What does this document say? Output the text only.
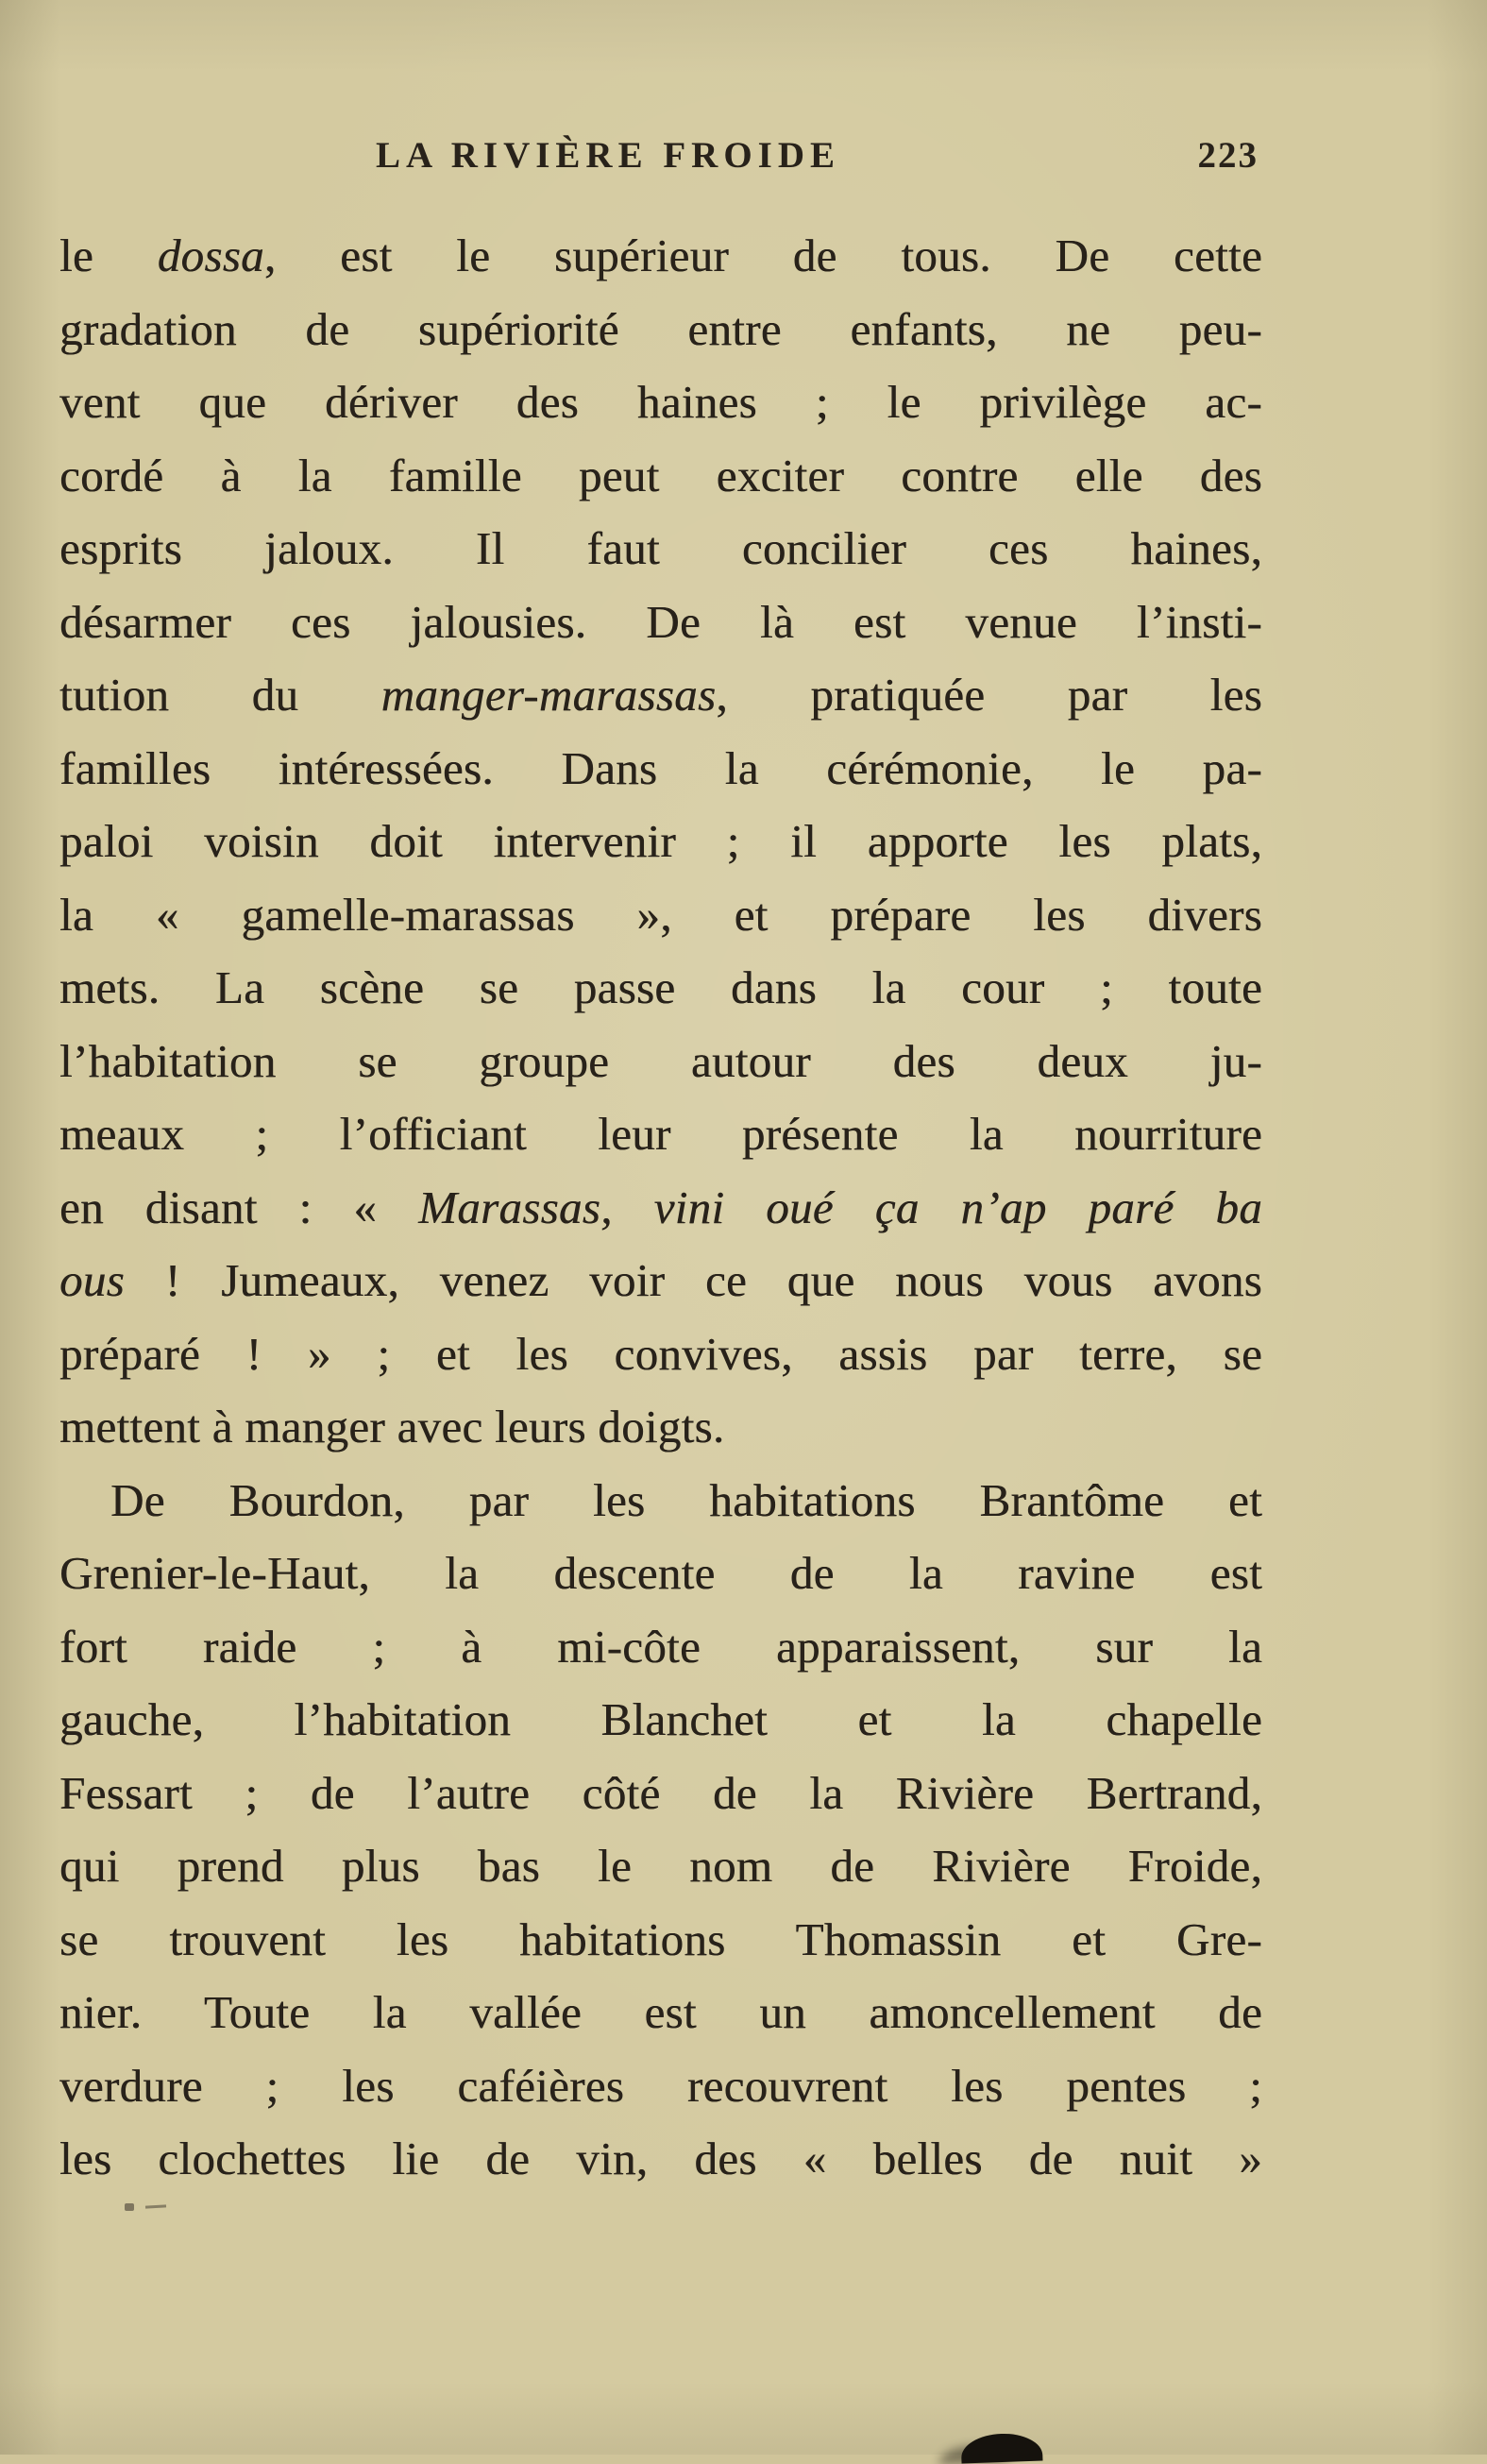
LA RIVIÈRE FROIDE	223
le dossa, est le supérieur de tous. De cette
gradation de supériorité entre enfants, ne peu-
vent que dériver des haines ; le privilège ac-
cordé à la famille peut exciter contre elle des
esprits jaloux. Il faut concilier ces haines,
désarmer ces jalousies. De là est venue l’insti-
tution du manger-marassas, pratiquée par les
familles intéressées. Dans la cérémonie, le pa-
paloi voisin doit intervenir ; il apporte les plats,
la « gamelle-marassas », et prépare les divers
mets. La scène se passe dans la cour ; toute
l’habitation se groupe autour des deux ju-
meaux ; l’officiant leur présente la nourriture
en disant : « Marassas, vini oué ça n’ap paré ba
ous ! Jumeaux, venez voir ce que nous vous avons
préparé ! » ; et les convives, assis par terre, se
mettent à manger avec leurs doigts.
De Bourdon, par les habitations Brantôme et
Grenier-le-Haut, la descente de la ravine est
fort raide ; à mi-côte apparaissent, sur la
gauche, l’habitation Blanchet et la chapelle
Fessart ; de l’autre côté de la Rivière Bertrand,
qui prend plus bas le nom de Rivière Froide,
se trouvent les habitations Thomassin et Gre-
nier. Toute la vallée est un amoncellement de
verdure ; les caféières recouvrent les pentes ;
les clochettes lie de vin, des « belles de nuit »
